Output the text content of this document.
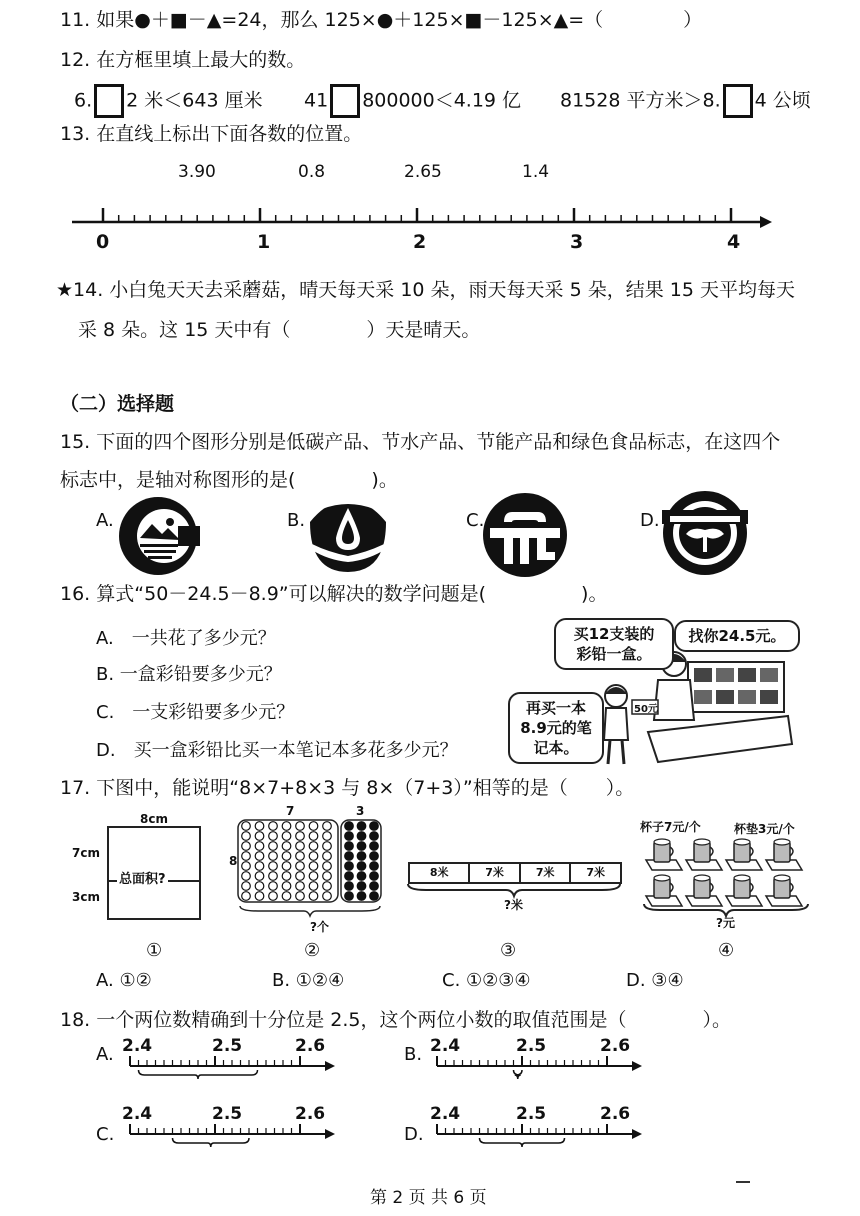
11. 如果●＋■－▲=24，那么 125×●＋125×■－125×▲=（	）
12. 在方框里填上最大的数。
6. 2 米＜643 厘米 41 800000＜4.19 亿 81528 平方米＞8. 4 公顷
13. 在直线上标出下面各数的位置。
3.90	0.8	2.65	1.4
0	1	2	3	4
★14. 小白兔天天去采蘑菇，晴天每天采 10 朵，雨天每天采 5 朵，结果 15 天平均每天
采 8 朵。这 15 天中有（　　　　）天是晴天。
（二）选择题
15. 下面的四个图形分别是低碳产品、节水产品、节能产品和绿色食品标志，在这四个
标志中，是轴对称图形的是(　　　　)。
A.	B.	C.	D.
16. 算式“50－24.5－8.9”可以解决的数学问题是(　　　　　)。
A.　一共花了多少元？
B. 一盒彩铅要多少元？
C.　一支彩铅要多少元？
D.　买一盒彩铅比买一本笔记本多花多少元？
买12支装的
彩铅一盒。
找你24.5元。
再买一本
8.9元的笔
记本。
50元
17. 下图中，能说明“8×7+8×3 与 8×（7+3）”相等的是（　　）。
8cm
7cm
3cm
总面积?
7	3
8
?个
8米	7米	7米	7米
?米
杯子7元/个	杯垫3元/个
?元
①	②	③	④
A. ①②	B. ①②④	C. ①②③④	D. ③④
18. 一个两位数精确到十分位是 2.5，这个两位小数的取值范围是（　　　　）。
A.	B.
C.	D.
2.4	2.5	2.6	2.4	2.5	2.6
2.4	2.5	2.6	2.4	2.5	2.6
第 2 页 共 6 页
